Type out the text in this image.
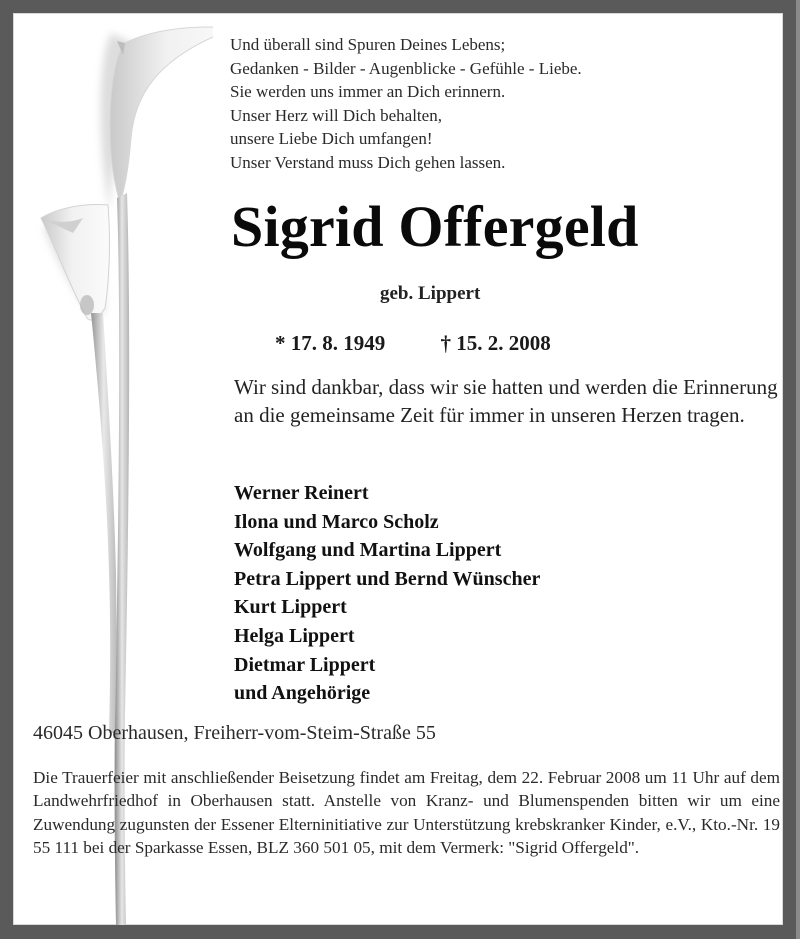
Und überall sind Spuren Deines Lebens;
Gedanken - Bilder - Augenblicke - Gefühle - Liebe.
Sie werden uns immer an Dich erinnern.
Unser Herz will Dich behalten,
unsere Liebe Dich umfangen!
Unser Verstand muss Dich gehen lassen.
Sigrid Offergeld
geb. Lippert
* 17. 8. 1949	† 15. 2. 2008
Wir sind dankbar, dass wir sie hatten und werden die Erinnerung an die gemeinsame Zeit für immer in unseren Herzen tragen.
Werner Reinert
Ilona und Marco Scholz
Wolfgang und Martina Lippert
Petra Lippert und Bernd Wünscher
Kurt Lippert
Helga Lippert
Dietmar Lippert
und Angehörige
46045 Oberhausen, Freiherr-vom-Steim-Straße 55
Die Trauerfeier mit anschließender Beisetzung findet am Freitag, dem 22. Februar 2008 um 11 Uhr auf dem Landwehrfriedhof in Oberhausen statt. Anstelle von Kranz- und Blumenspenden bitten wir um eine Zuwendung zugunsten der Essener Elterninitiative zur Unterstützung krebskranker Kinder, e.V., Kto.-Nr. 19 55 111 bei der Sparkasse Essen, BLZ 360 501 05, mit dem Vermerk: "Sigrid Offergeld".
